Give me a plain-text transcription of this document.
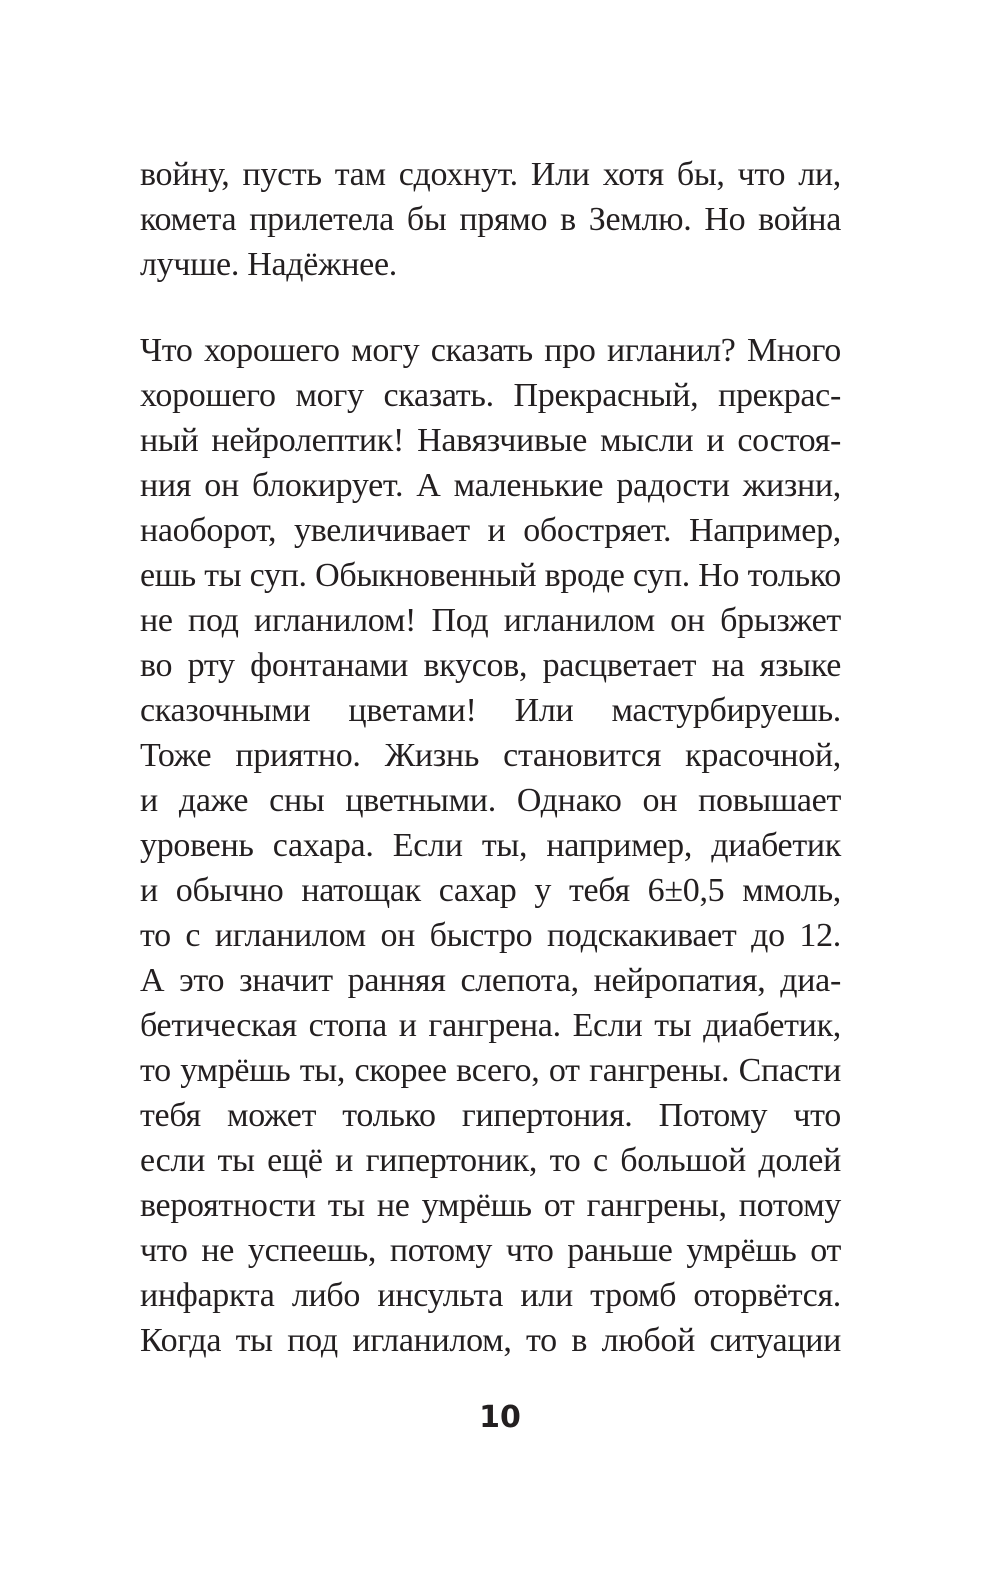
войну, пусть там сдохнут. Или хотя бы, что ли,
комета прилетела бы прямо в Землю. Но война
лучше. Надёжнее.
Что хорошего могу сказать про игланил? Много
хорошего могу сказать. Прекрасный, прекрас-
ный нейролептик! Навязчивые мысли и состоя-
ния он блокирует. А маленькие радости жизни,
наоборот, увеличивает и обостряет. Например,
ешь ты суп. Обыкновенный вроде суп. Но только
не под игланилом! Под игланилом он брызжет
во рту фонтанами вкусов, расцветает на языке
сказочными цветами! Или мастурбируешь.
Тоже приятно. Жизнь становится красочной,
и даже сны цветными. Однако он повышает
уровень сахара. Если ты, например, диабетик
и обычно натощак сахар у тебя 6±0,5 ммоль,
то с игланилом он быстро подскакивает до 12.
А это значит ранняя слепота, нейропатия, диа-
бетическая стопа и гангрена. Если ты диабетик,
то умрёшь ты, скорее всего, от гангрены. Спасти
тебя может только гипертония. Потому что
если ты ещё и гипертоник, то с большой долей
вероятности ты не умрёшь от гангрены, потому
что не успеешь, потому что раньше умрёшь от
инфаркта либо инсульта или тромб оторвётся.
Когда ты под игланилом, то в любой ситуации
10
